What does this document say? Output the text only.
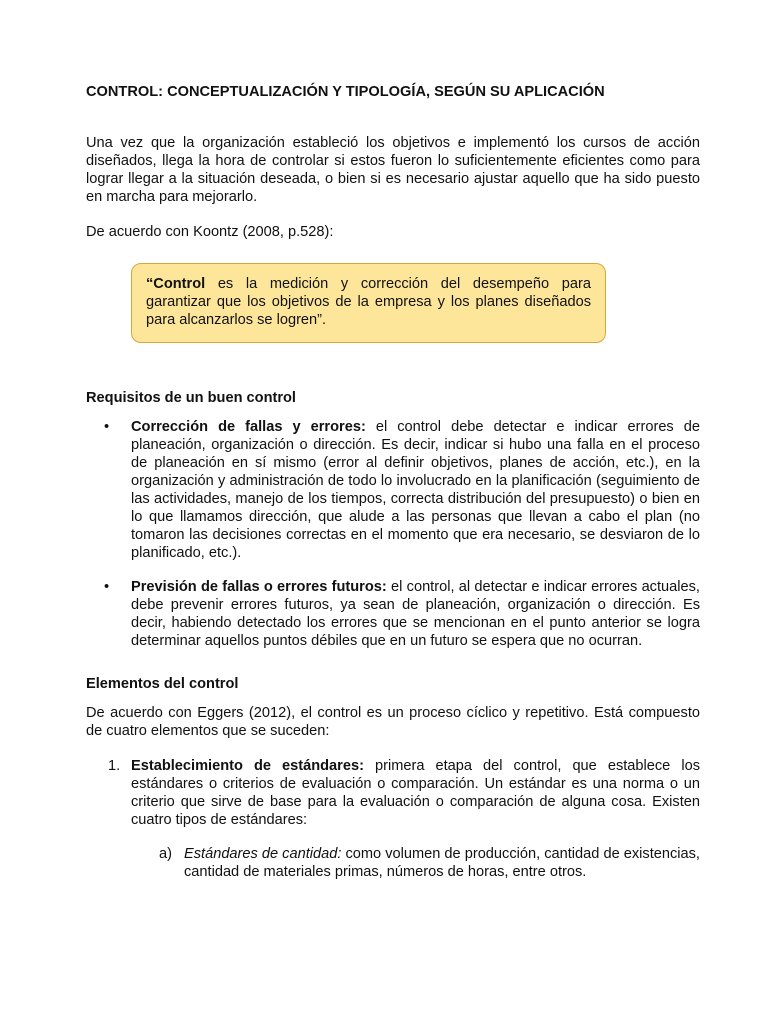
CONTROL: CONCEPTUALIZACIÓN Y TIPOLOGÍA, SEGÚN SU APLICACIÓN

Una vez que la organización estableció los objetivos e implementó los cursos de acción diseñados, llega la hora de controlar si estos fueron lo suficientemente eficientes como para lograr llegar a la situación deseada, o bien si es necesario ajustar aquello que ha sido puesto en marcha para mejorarlo.

De acuerdo con Koontz (2008, p.528):

“Control es la medición y corrección del desempeño para garantizar que los objetivos de la empresa y los planes diseñados para alcanzarlos se logren”.
Requisitos de un buen control
• Corrección de fallas y errores: el control debe detectar e indicar errores de planeación, organización o dirección. Es decir, indicar si hubo una falla en el proceso de planeación en sí mismo (error al definir objetivos, planes de acción, etc.), en la organización y administración de todo lo involucrado en la planificación (seguimiento de las actividades, manejo de los tiempos, correcta distribución del presupuesto) o bien en lo que llamamos dirección, que alude a las personas que llevan a cabo el plan (no tomaron las decisiones correctas en el momento que era necesario, se desviaron de lo planificado, etc.).
• Previsión de fallas o errores futuros: el control, al detectar e indicar errores actuales, debe prevenir errores futuros, ya sean de planeación, organización o dirección. Es decir, habiendo detectado los errores que se mencionan en el punto anterior se logra determinar aquellos puntos débiles que en un futuro se espera que no ocurran.
Elementos del control

De acuerdo con Eggers (2012), el control es un proceso cíclico y repetitivo. Está compuesto de cuatro elementos que se suceden:

1. Establecimiento de estándares: primera etapa del control, que establece los estándares o criterios de evaluación o comparación. Un estándar es una norma o un criterio que sirve de base para la evaluación o comparación de alguna cosa. Existen cuatro tipos de estándares:
a) Estándares de cantidad: como volumen de producción, cantidad de existencias, cantidad de materiales primas, números de horas, entre otros.
